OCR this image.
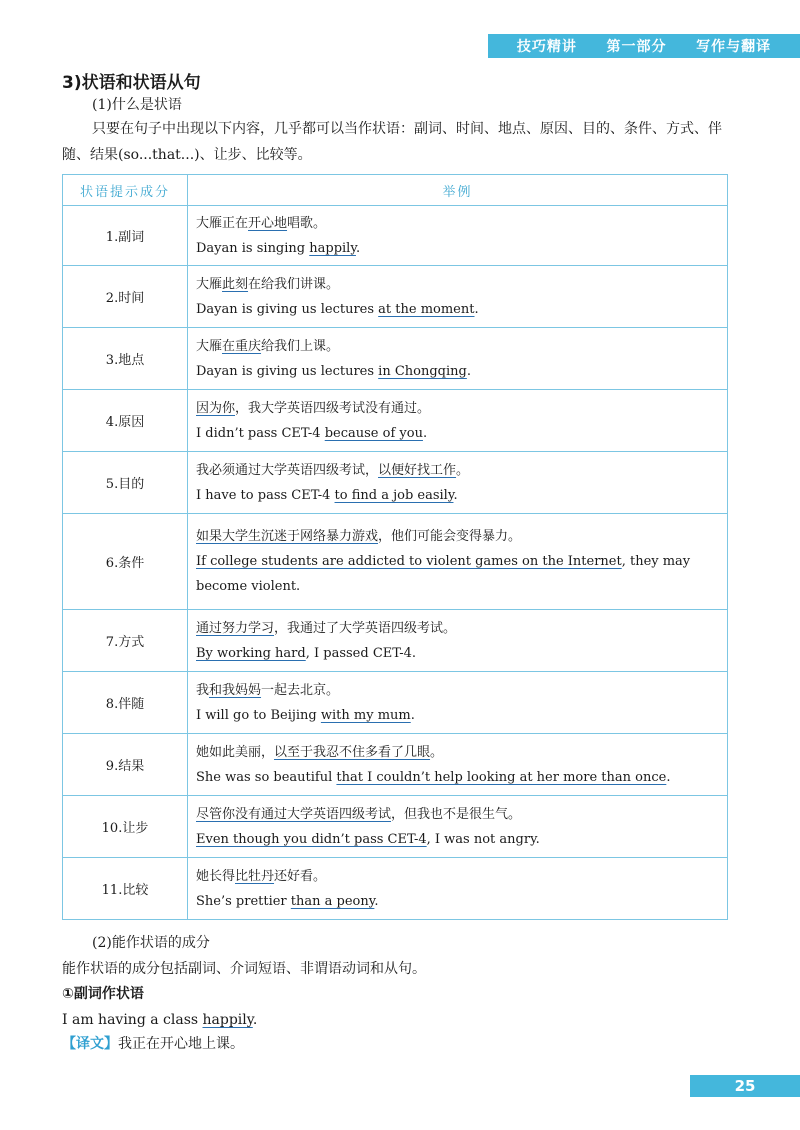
技巧精讲 第一部分 写作与翻译
3)状语和状语从句

(1)什么是状语

只要在句子中出现以下内容，几乎都可以当作状语：副词、时间、地点、原因、目的、条件、方式、伴随、结果(so...that...)、让步、比较等。

状语提示成分	举例
1.副词	大雁正在开心地唱歌。
Dayan is singing happily.

2.时间	大雁此刻在给我们讲课。
Dayan is giving us lectures at the moment.

3.地点	大雁在重庆给我们上课。
Dayan is giving us lectures in Chongqing.

4.原因	因为你，我大学英语四级考试没有通过。
I didn’t pass CET-4 because of you.

5.目的	我必须通过大学英语四级考试，以便好找工作。
I have to pass CET-4 to find a job easily.

6.条件	如果大学生沉迷于网络暴力游戏，他们可能会变得暴力。
If college students are addicted to violent games on the Internet, they may become violent.

7.方式	通过努力学习，我通过了大学英语四级考试。
By working hard, I passed CET-4.

8.伴随	我和我妈妈一起去北京。
I will go to Beijing with my mum.

9.结果	她如此美丽，以至于我忍不住多看了几眼。
She was so beautiful that I couldn’t help looking at her more than once.

10.让步	尽管你没有通过大学英语四级考试，但我也不是很生气。
Even though you didn’t pass CET-4, I was not angry.

11.比较	她长得比牡丹还好看。
She’s prettier than a peony.

(2)能作状语的成分

能作状语的成分包括副词、介词短语、非谓语动词和从句。

①副词作状语

I am having a class happily.

【译文】我正在开心地上课。

25
